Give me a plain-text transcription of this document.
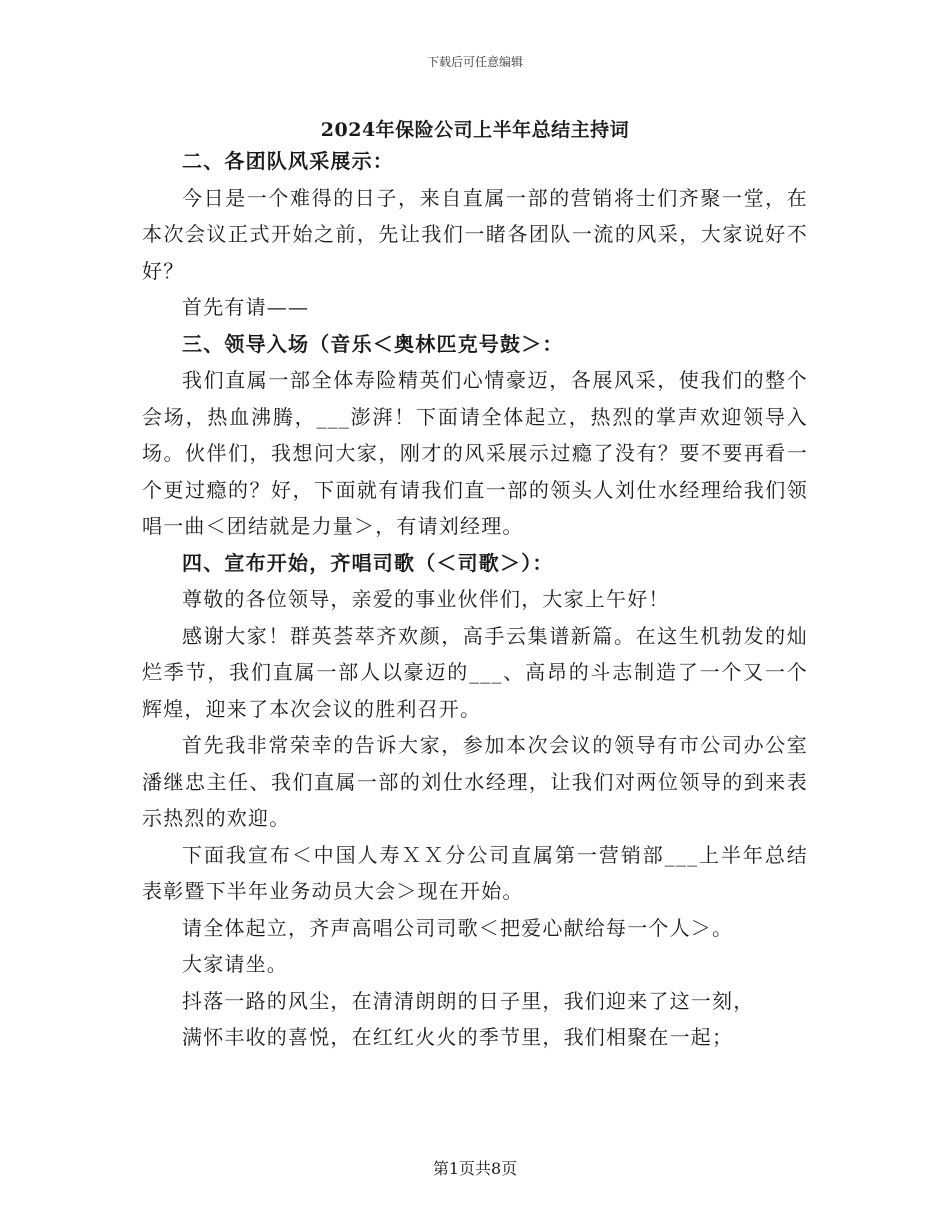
下载后可任意编辑
2024年保险公司上半年总结主持词

二、各团队风采展示：

今日是一个难得的日子，来自直属一部的营销将士们齐聚一堂，在本次会议正式开始之前，先让我们一睹各团队一流的风采，大家说好不好？

首先有请——

三、领导入场（音乐＜奥林匹克号鼓＞：

我们直属一部全体寿险精英们心情豪迈，各展风采，使我们的整个会场，热血沸腾，___澎湃！下面请全体起立，热烈的掌声欢迎领导入场。伙伴们，我想问大家，刚才的风采展示过瘾了没有？要不要再看一个更过瘾的？好，下面就有请我们直一部的领头人刘仕水经理给我们领唱一曲＜团结就是力量＞，有请刘经理。

四、宣布开始，齐唱司歌（＜司歌＞）：

尊敬的各位领导，亲爱的事业伙伴们，大家上午好！

感谢大家！群英荟萃齐欢颜，高手云集谱新篇。在这生机勃发的灿烂季节，我们直属一部人以豪迈的___、高昂的斗志制造了一个又一个辉煌，迎来了本次会议的胜利召开。

首先我非常荣幸的告诉大家，参加本次会议的领导有市公司办公室潘继忠主任、我们直属一部的刘仕水经理，让我们对两位领导的到来表示热烈的欢迎。

下面我宣布＜中国人寿ＸＸ分公司直属第一营销部___上半年总结表彰暨下半年业务动员大会＞现在开始。

请全体起立，齐声高唱公司司歌＜把爱心献给每一个人＞。

大家请坐。

抖落一路的风尘，在清清朗朗的日子里，我们迎来了这一刻，

满怀丰收的喜悦，在红红火火的季节里，我们相聚在一起；

第1页共8页
